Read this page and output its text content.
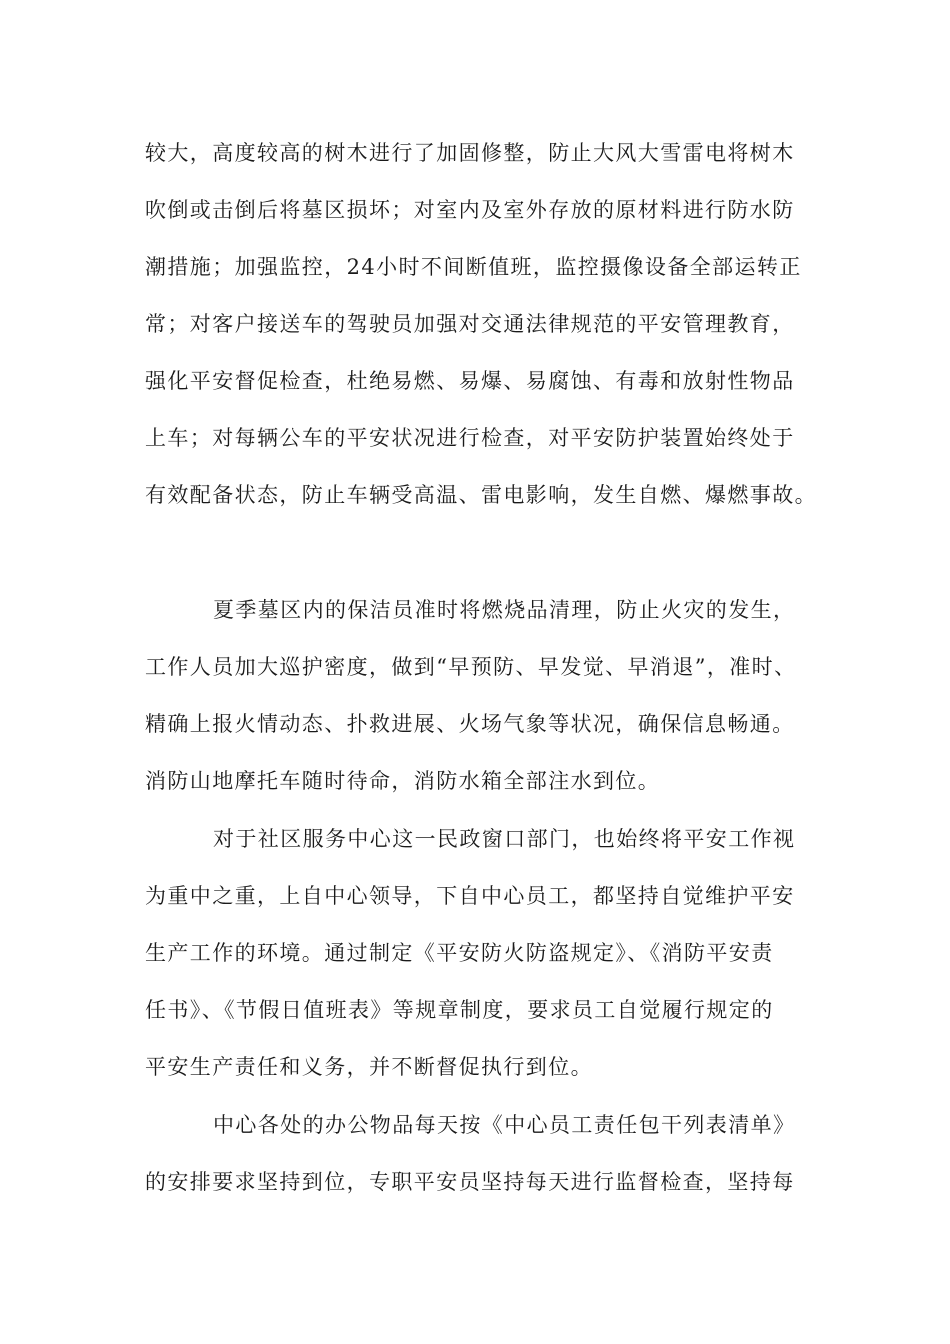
较大，高度较高的树木进行了加固修整，防止大风大雪雷电将树木
吹倒或击倒后将墓区损坏；对室内及室外存放的原材料进行防水防
潮措施；加强监控，24小时不间断值班，监控摄像设备全部运转正
常；对客户接送车的驾驶员加强对交通法律规范的平安管理教育，
强化平安督促检查，杜绝易燃、易爆、易腐蚀、有毒和放射性物品
上车；对每辆公车的平安状况进行检查，对平安防护装置始终处于
有效配备状态，防止车辆受高温、雷电影响，发生自燃、爆燃事故。
夏季墓区内的保洁员准时将燃烧品清理，防止火灾的发生，
工作人员加大巡护密度，做到“早预防、早发觉、早消退”，准时、
精确上报火情动态、扑救进展、火场气象等状况，确保信息畅通。
消防山地摩托车随时待命，消防水箱全部注水到位。
对于社区服务中心这一民政窗口部门，也始终将平安工作视
为重中之重，上自中心领导，下自中心员工，都坚持自觉维护平安
生产工作的环境。通过制定《平安防火防盗规定》、《消防平安责
任书》、《节假日值班表》等规章制度，要求员工自觉履行规定的
平安生产责任和义务，并不断督促执行到位。
中心各处的办公物品每天按《中心员工责任包干列表清单》
的安排要求坚持到位，专职平安员坚持每天进行监督检查，坚持每
